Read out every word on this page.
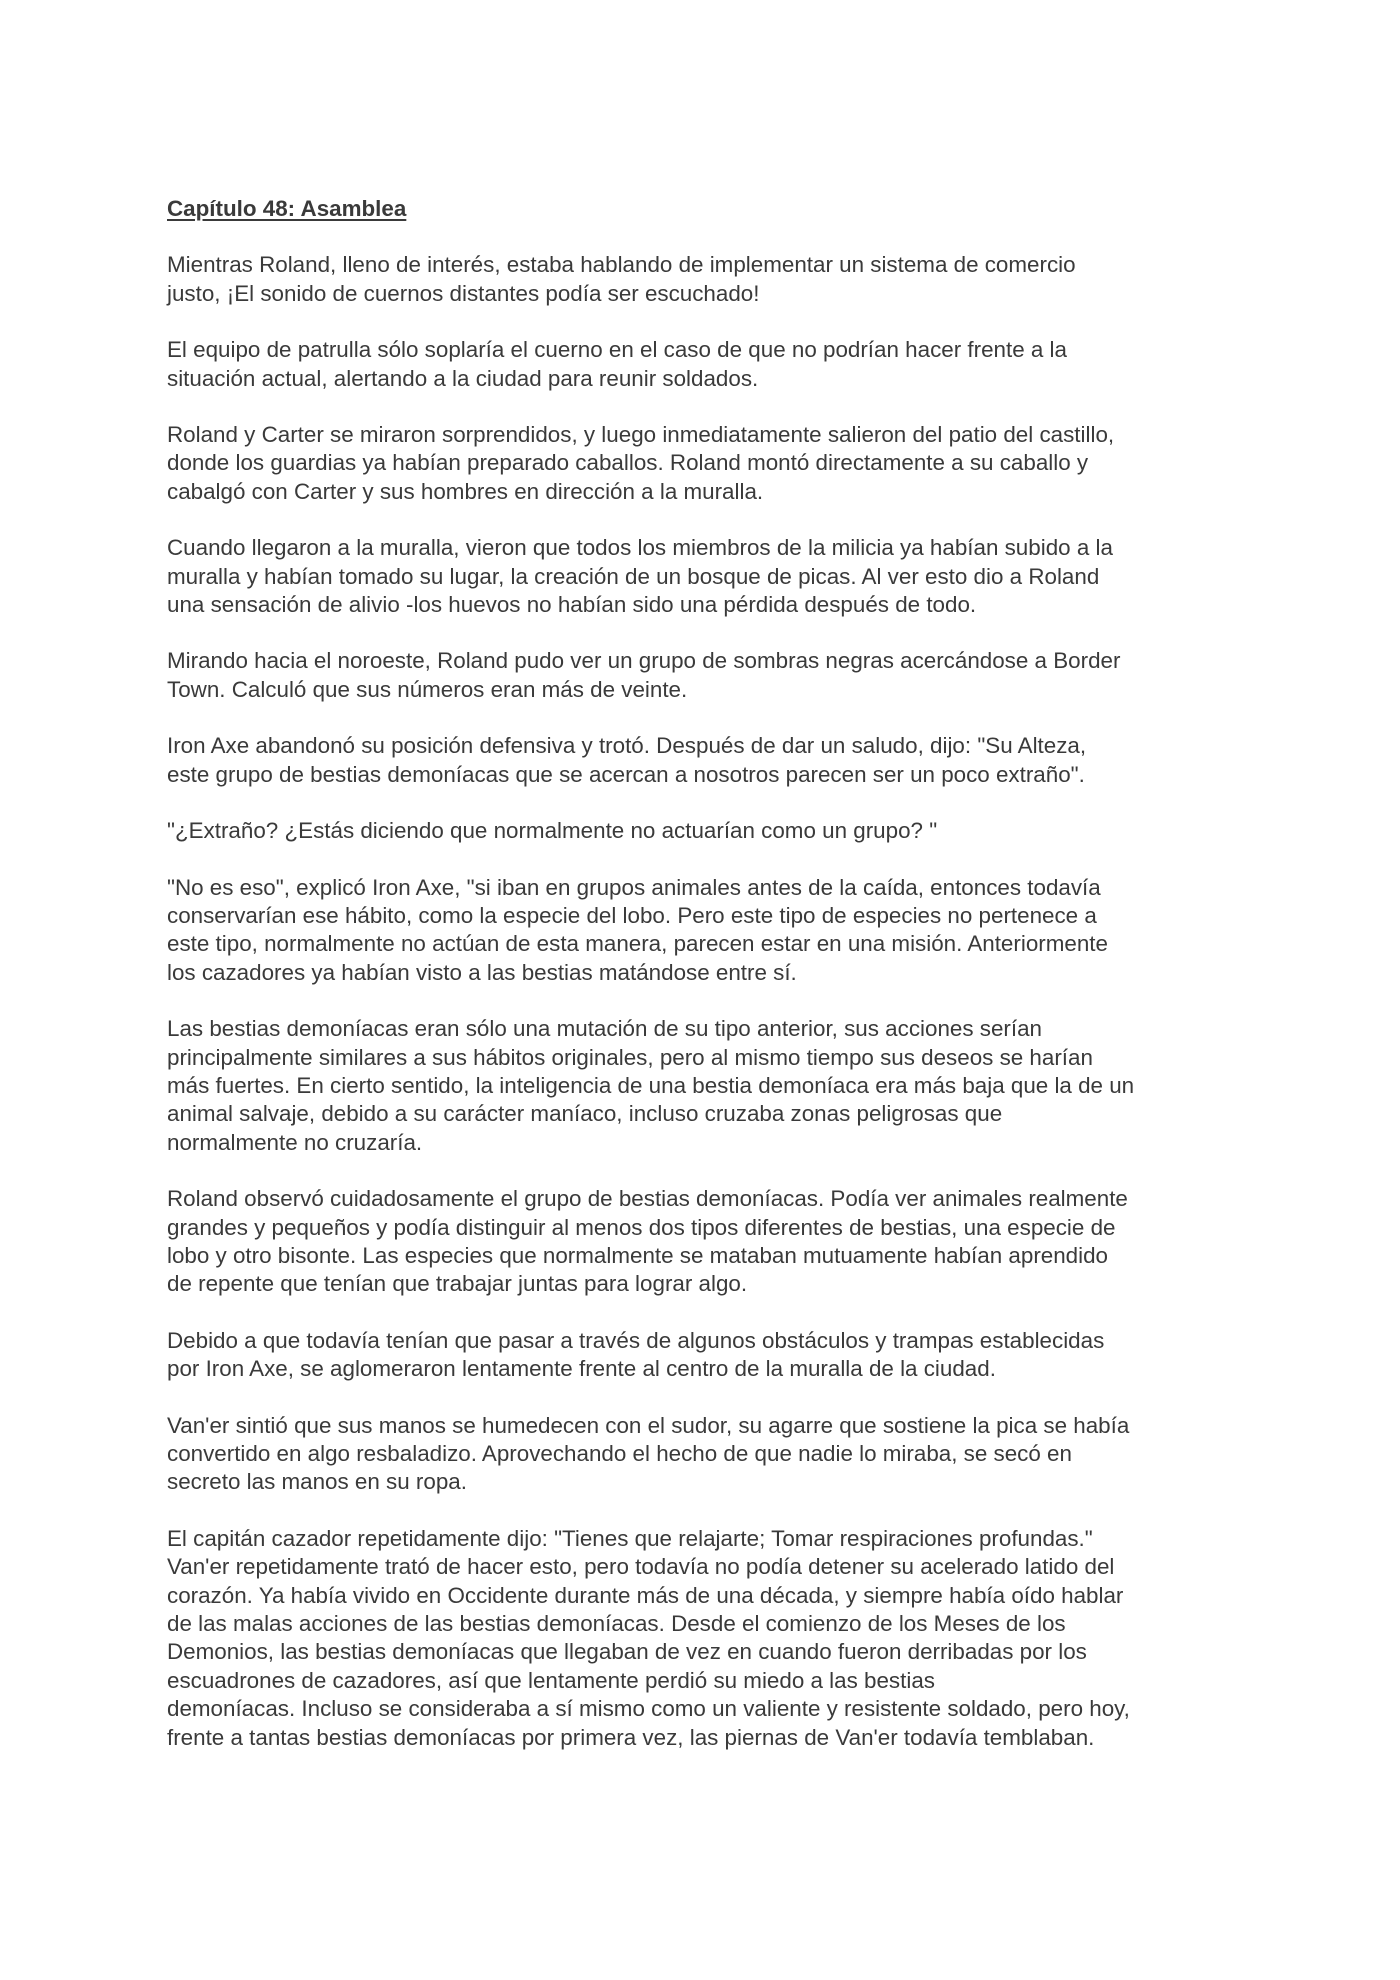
Capítulo 48: Asamblea
Mientras Roland, lleno de interés, estaba hablando de implementar un sistema de comercio
justo, ¡El sonido de cuernos distantes podía ser escuchado!
El equipo de patrulla sólo soplaría el cuerno en el caso de que no podrían hacer frente a la
situación actual, alertando a la ciudad para reunir soldados.
Roland y Carter se miraron sorprendidos, y luego inmediatamente salieron del patio del castillo,
donde los guardias ya habían preparado caballos. Roland montó directamente a su caballo y
cabalgó con Carter y sus hombres en dirección a la muralla.
Cuando llegaron a la muralla, vieron que todos los miembros de la milicia ya habían subido a la
muralla y habían tomado su lugar, la creación de un bosque de picas. Al ver esto dio a Roland
una sensación de alivio -los huevos no habían sido una pérdida después de todo.
Mirando hacia el noroeste, Roland pudo ver un grupo de sombras negras acercándose a Border
Town. Calculó que sus números eran más de veinte.
Iron Axe abandonó su posición defensiva y trotó. Después de dar un saludo, dijo: "Su Alteza,
este grupo de bestias demoníacas que se acercan a nosotros parecen ser un poco extraño".
"¿Extraño? ¿Estás diciendo que normalmente no actuarían como un grupo? "
"No es eso", explicó Iron Axe, "si iban en grupos animales antes de la caída, entonces todavía
conservarían ese hábito, como la especie del lobo. Pero este tipo de especies no pertenece a
este tipo, normalmente no actúan de esta manera, parecen estar en una misión. Anteriormente
los cazadores ya habían visto a las bestias matándose entre sí.
Las bestias demoníacas eran sólo una mutación de su tipo anterior, sus acciones serían
principalmente similares a sus hábitos originales, pero al mismo tiempo sus deseos se harían
más fuertes. En cierto sentido, la inteligencia de una bestia demoníaca era más baja que la de un
animal salvaje, debido a su carácter maníaco, incluso cruzaba zonas peligrosas que
normalmente no cruzaría.
Roland observó cuidadosamente el grupo de bestias demoníacas. Podía ver animales realmente
grandes y pequeños y podía distinguir al menos dos tipos diferentes de bestias, una especie de
lobo y otro bisonte. Las especies que normalmente se mataban mutuamente habían aprendido
de repente que tenían que trabajar juntas para lograr algo.
Debido a que todavía tenían que pasar a través de algunos obstáculos y trampas establecidas
por Iron Axe, se aglomeraron lentamente frente al centro de la muralla de la ciudad.
Van'er sintió que sus manos se humedecen con el sudor, su agarre que sostiene la pica se había
convertido en algo resbaladizo. Aprovechando el hecho de que nadie lo miraba, se secó en
secreto las manos en su ropa.
El capitán cazador repetidamente dijo: "Tienes que relajarte; Tomar respiraciones profundas."
Van'er repetidamente trató de hacer esto, pero todavía no podía detener su acelerado latido del
corazón. Ya había vivido en Occidente durante más de una década, y siempre había oído hablar
de las malas acciones de las bestias demoníacas. Desde el comienzo de los Meses de los
Demonios, las bestias demoníacas que llegaban de vez en cuando fueron derribadas por los
escuadrones de cazadores, así que lentamente perdió su miedo a las bestias
demoníacas. Incluso se consideraba a sí mismo como un valiente y resistente soldado, pero hoy,
frente a tantas bestias demoníacas por primera vez, las piernas de Van'er todavía temblaban.
